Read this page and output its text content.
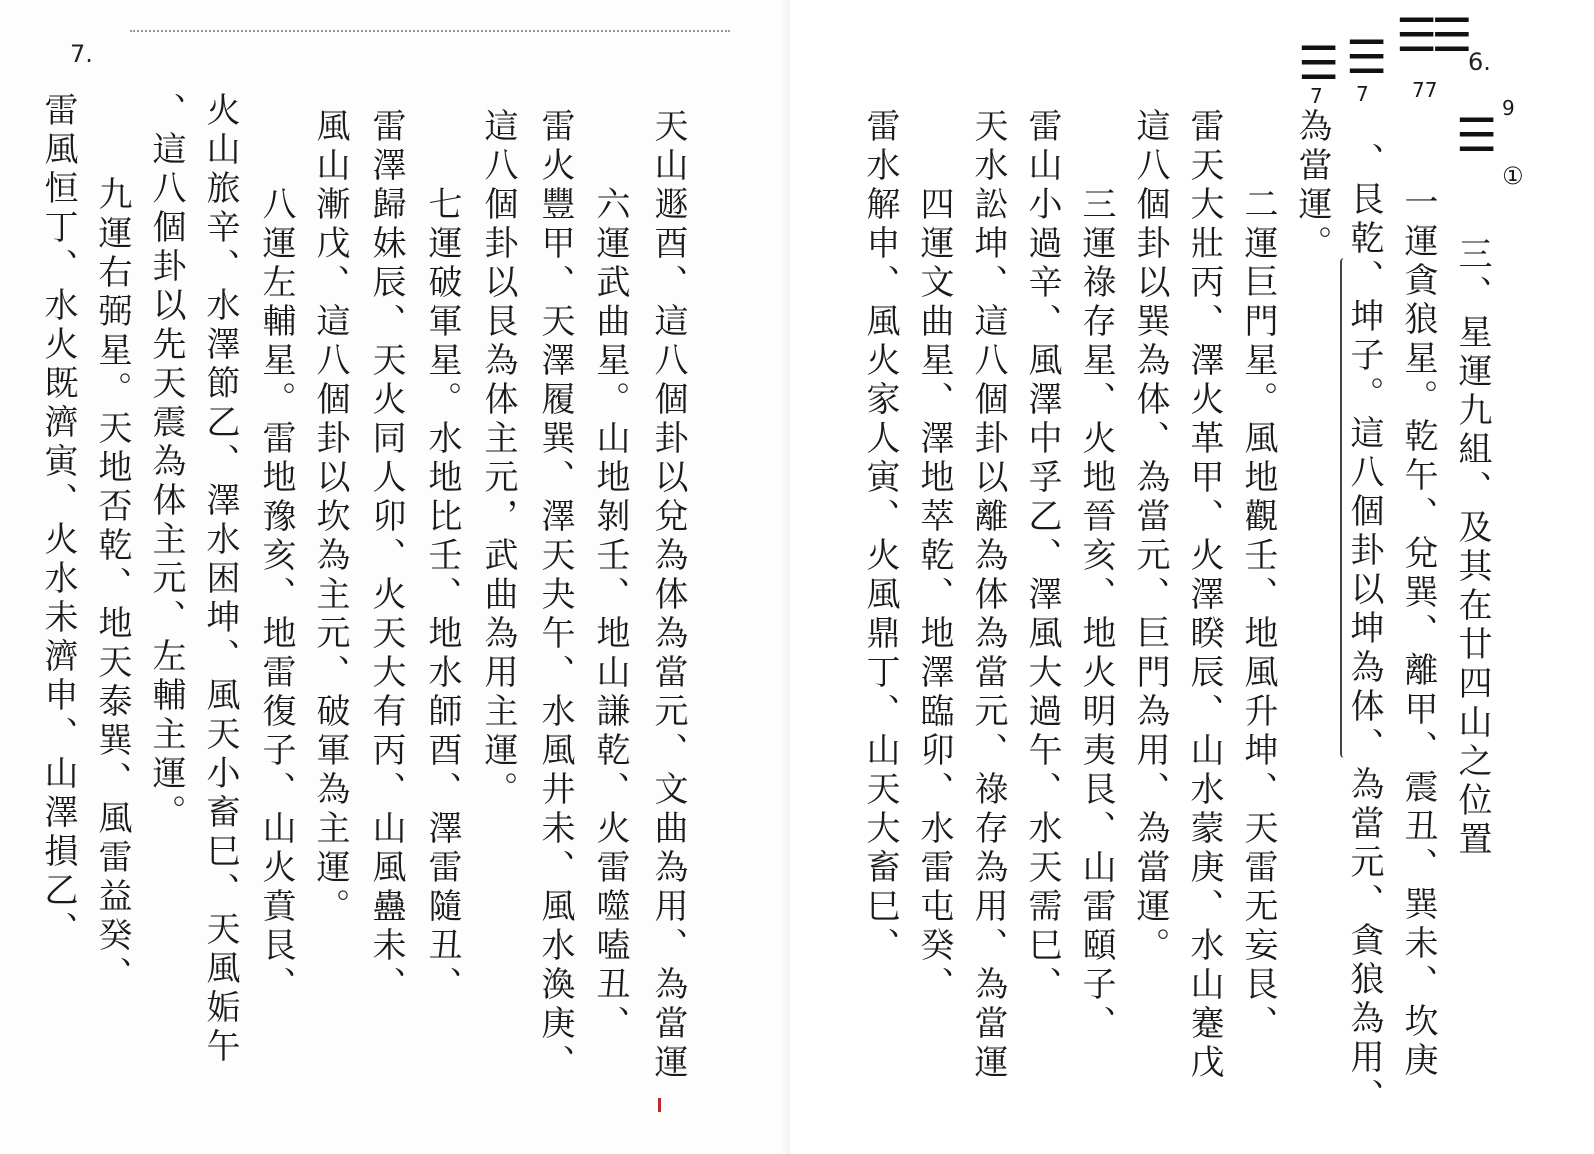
7.
天山遯酉、這八個卦以兌為体為當元、文曲為用、為當運
六運武曲星。山地剝壬、地山謙乾、火雷噬嗑丑、
雷火豐甲、天澤履巽、澤天夬午、水風井未、風水渙庚、
這八個卦以艮為体主元，武曲為用主運。
七運破軍星。水地比壬、地水師酉、澤雷隨丑、
雷澤歸妹辰、天火同人卯、火天大有丙、山風蠱未、
風山漸戊、這八個卦以坎為主元、破軍為主運。
八運左輔星。雷地豫亥、地雷復子、山火賁艮、
火山旅辛、水澤節乙、澤水困坤、風天小畜巳、天風姤午
、這八個卦以先天震為体主元、左輔主運。
九運右弼星。天地否乾、地天泰巽、風雷益癸、
雷風恒丁、水火既濟寅、火水未濟申、山澤損乙、
☰
7
☰
7
☰☰
77
6.
9
☰
①
三、星運九組、及其在廿四山之位置
一運貪狼星。乾午、兌巽、離甲、震丑、巽未、坎庚
、艮乾、坤子。這八個卦以坤為体、為當元、貪狼為用、
為當運。
二運巨門星。風地觀壬、地風升坤、天雷无妄艮、
雷天大壯丙、澤火革甲、火澤睽辰、山水蒙庚、水山蹇戊
這八個卦以巽為体、為當元、巨門為用、為當運。
三運祿存星、火地晉亥、地火明夷艮、山雷頤子、
雷山小過辛、風澤中孚乙、澤風大過午、水天需巳、
天水訟坤、這八個卦以離為体為當元、祿存為用、為當運
四運文曲星、澤地萃乾、地澤臨卯、水雷屯癸、
雷水解申、風火家人寅、火風鼎丁、山天大畜巳、
